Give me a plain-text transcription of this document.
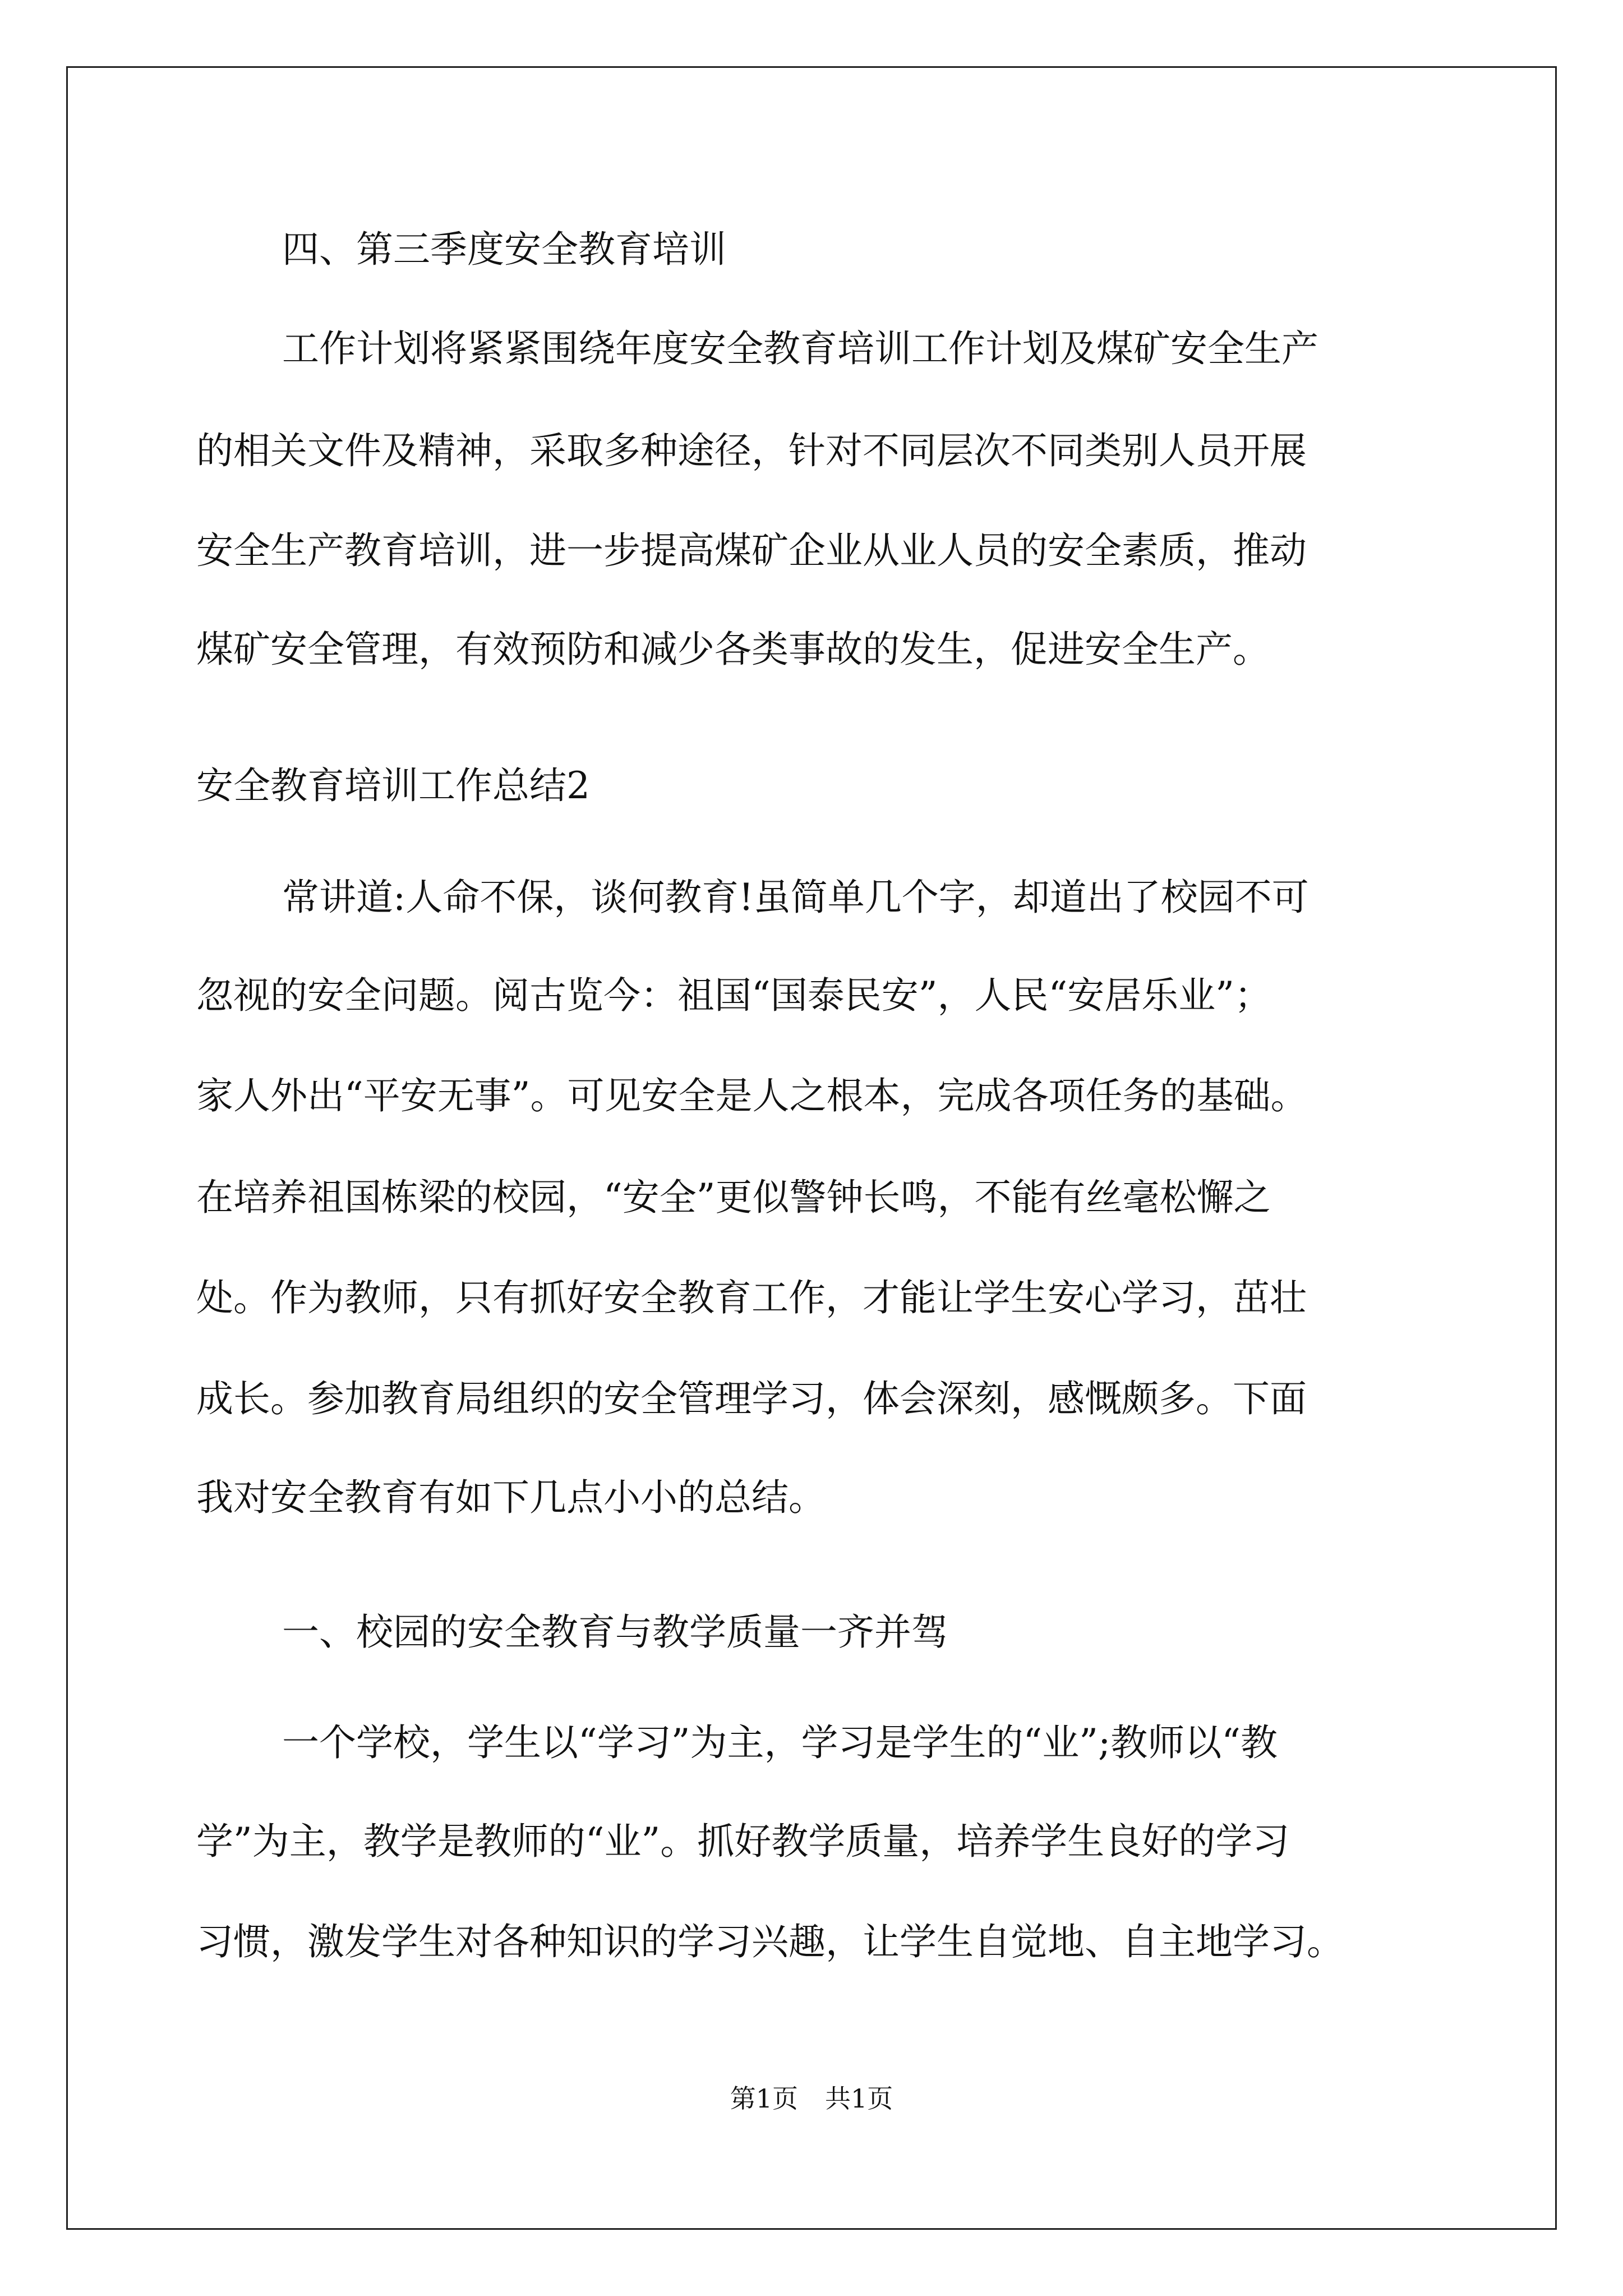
四、第三季度安全教育培训
工作计划将紧紧围绕年度安全教育培训工作计划及煤矿安全生产
的相关文件及精神，采取多种途径，针对不同层次不同类别人员开展
安全生产教育培训，进一步提高煤矿企业从业人员的安全素质，推动
煤矿安全管理，有效预防和减少各类事故的发生，促进安全生产。
安全教育培训工作总结2
常讲道:人命不保，谈何教育!虽简单几个字，却道出了校园不可
忽视的安全问题。阅古览今：祖国“国泰民安”，人民“安居乐业”；
家人外出“平安无事”。可见安全是人之根本，完成各项任务的基础。
在培养祖国栋梁的校园，“安全”更似警钟长鸣，不能有丝毫松懈之
处。作为教师，只有抓好安全教育工作，才能让学生安心学习，茁壮
成长。参加教育局组织的安全管理学习，体会深刻，感慨颇多。下面
我对安全教育有如下几点小小的总结。
一、校园的安全教育与教学质量一齐并驾
一个学校，学生以“学习”为主，学习是学生的“业”;教师以“教
学”为主，教学是教师的“业”。抓好教学质量，培养学生良好的学习
习惯，激发学生对各种知识的学习兴趣，让学生自觉地、自主地学习。
第1页 共1页
